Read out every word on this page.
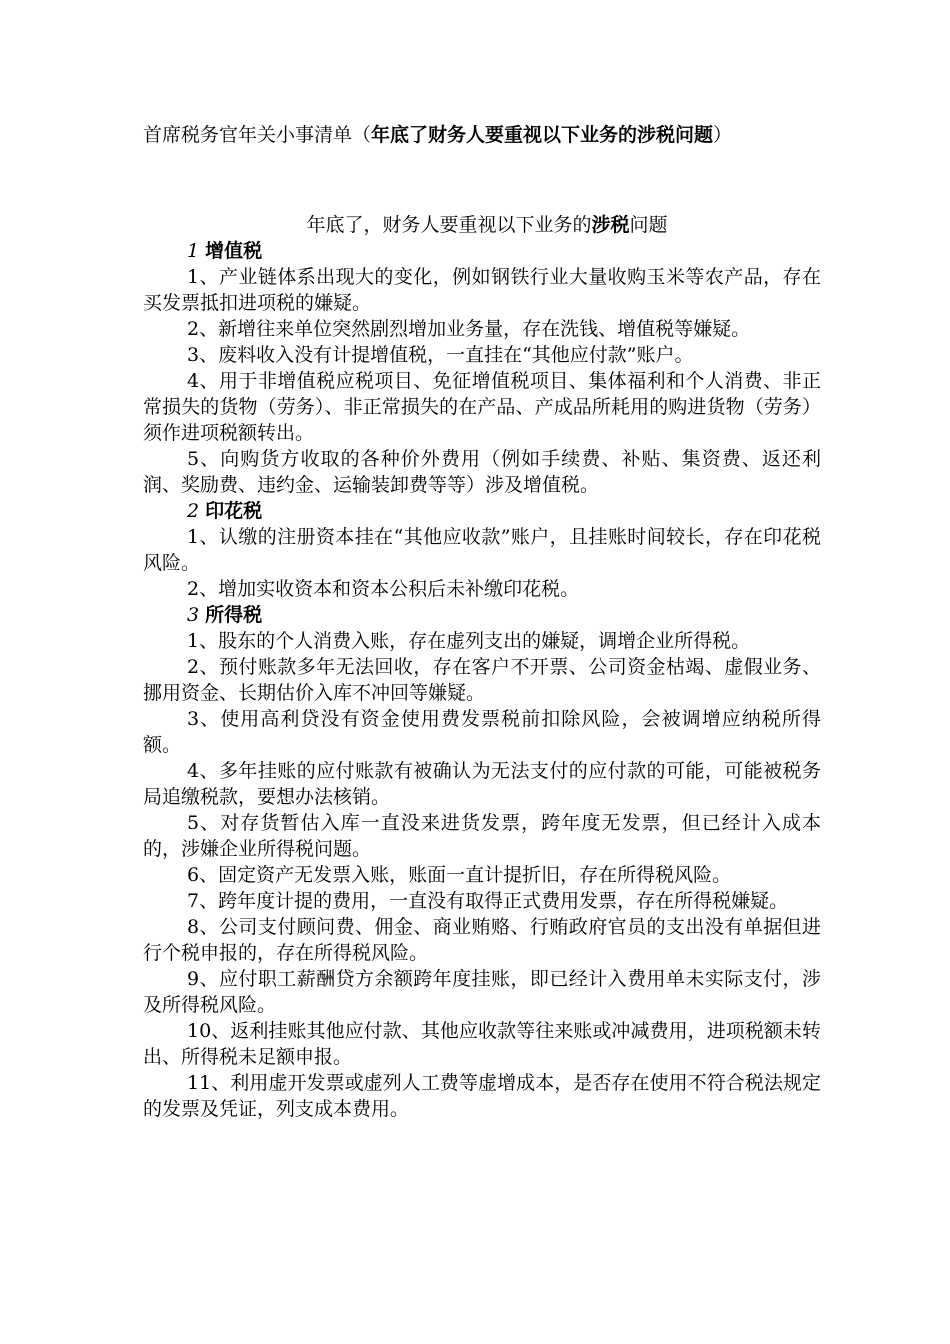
首席税务官年关小事清单（年底了财务人要重视以下业务的涉税问题）

年底了，财务人要重视以下业务的涉税问题

1 增值税

1、产业链体系出现大的变化，例如钢铁行业大量收购玉米等农产品，存在买发票抵扣进项税的嫌疑。

2、新增往来单位突然剧烈增加业务量，存在洗钱、增值税等嫌疑。

3、废料收入没有计提增值税，一直挂在“其他应付款”账户。

4、用于非增值税应税项目、免征增值税项目、集体福利和个人消费、非正常损失的货物（劳务）、非正常损失的在产品、产成品所耗用的购进货物（劳务）须作进项税额转出。

5、向购货方收取的各种价外费用（例如手续费、补贴、集资费、返还利润、奖励费、违约金、运输装卸费等等）涉及增值税。

2 印花税

1、认缴的注册资本挂在“其他应收款”账户，且挂账时间较长，存在印花税风险。

2、增加实收资本和资本公积后未补缴印花税。

3 所得税

1、股东的个人消费入账，存在虚列支出的嫌疑，调增企业所得税。

2、预付账款多年无法回收，存在客户不开票、公司资金枯竭、虚假业务、挪用资金、长期估价入库不冲回等嫌疑。

3、使用高利贷没有资金使用费发票税前扣除风险，会被调增应纳税所得额。

4、多年挂账的应付账款有被确认为无法支付的应付款的可能，可能被税务局追缴税款，要想办法核销。

5、对存货暂估入库一直没来进货发票，跨年度无发票，但已经计入成本的，涉嫌企业所得税问题。

6、固定资产无发票入账，账面一直计提折旧，存在所得税风险。

7、跨年度计提的费用，一直没有取得正式费用发票，存在所得税嫌疑。

8、公司支付顾问费、佣金、商业贿赂、行贿政府官员的支出没有单据但进行个税申报的，存在所得税风险。

9、应付职工薪酬贷方余额跨年度挂账，即已经计入费用单未实际支付，涉及所得税风险。

10、返利挂账其他应付款、其他应收款等往来账或冲减费用，进项税额未转出、所得税未足额申报。

11、利用虚开发票或虚列人工费等虚增成本，是否存在使用不符合税法规定的发票及凭证，列支成本费用。
